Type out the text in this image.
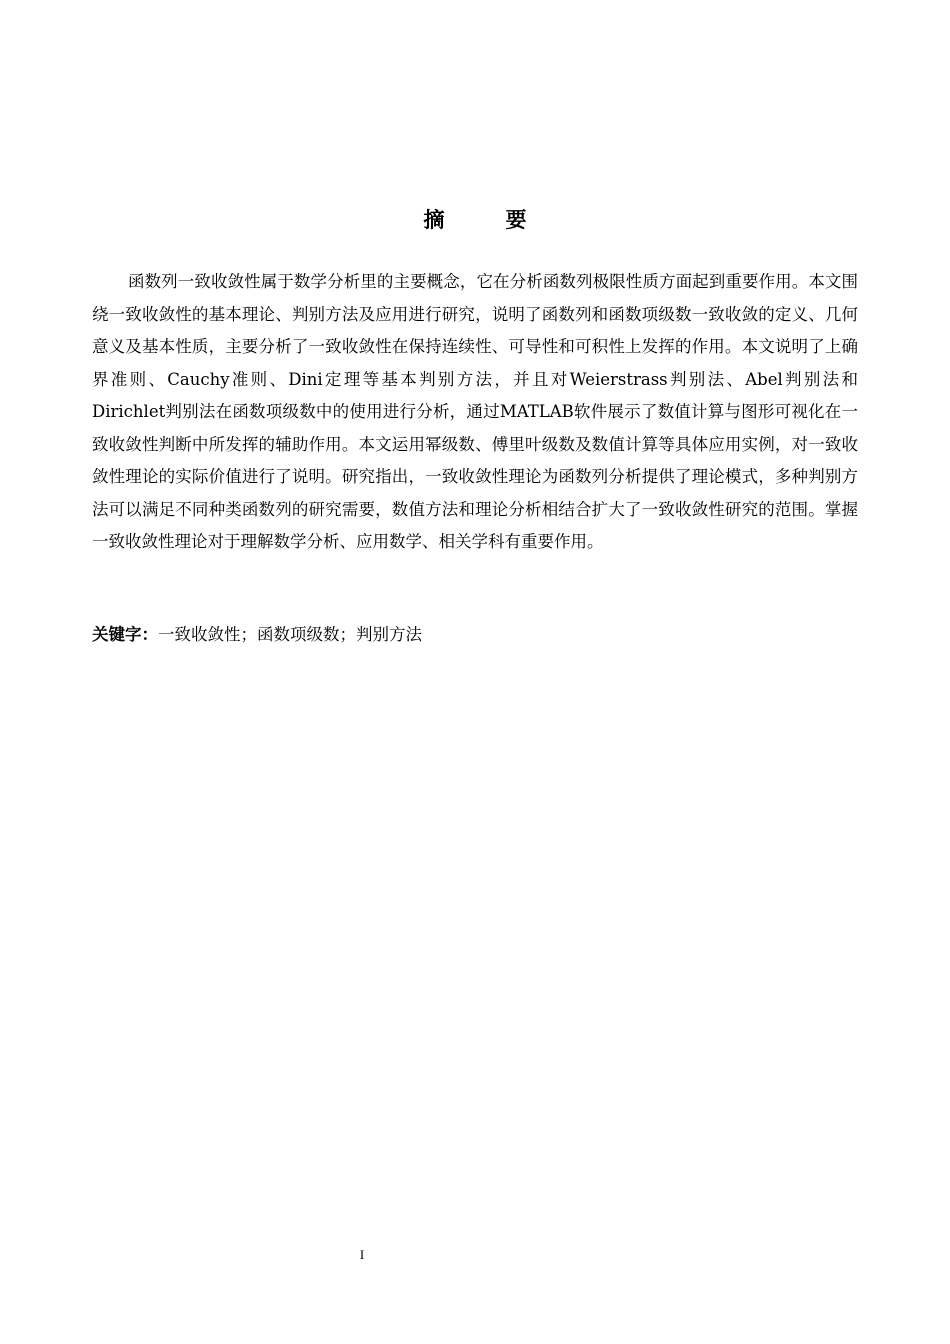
摘　要

函数列一致收敛性属于数学分析里的主要概念，它在分析函数列极限性质方面起到重要作用。本文围绕一致收敛性的基本理论、判别方法及应用进行研究，说明了函数列和函数项级数一致收敛的定义、几何意义及基本性质，主要分析了一致收敛性在保持连续性、可导性和可积性上发挥的作用。本文说明了上确界准则、Cauchy准则、Dini定理等基本判别方法，并且对Weierstrass判别法、Abel判别法和Dirichlet判别法在函数项级数中的使用进行分析，通过MATLAB软件展示了数值计算与图形可视化在一致收敛性判断中所发挥的辅助作用。本文运用幂级数、傅里叶级数及数值计算等具体应用实例，对一致收敛性理论的实际价值进行了说明。研究指出，一致收敛性理论为函数列分析提供了理论模式，多种判别方法可以满足不同种类函数列的研究需要，数值方法和理论分析相结合扩大了一致收敛性研究的范围。掌握一致收敛性理论对于理解数学分析、应用数学、相关学科有重要作用。

关键字：一致收敛性；函数项级数；判别方法

I
